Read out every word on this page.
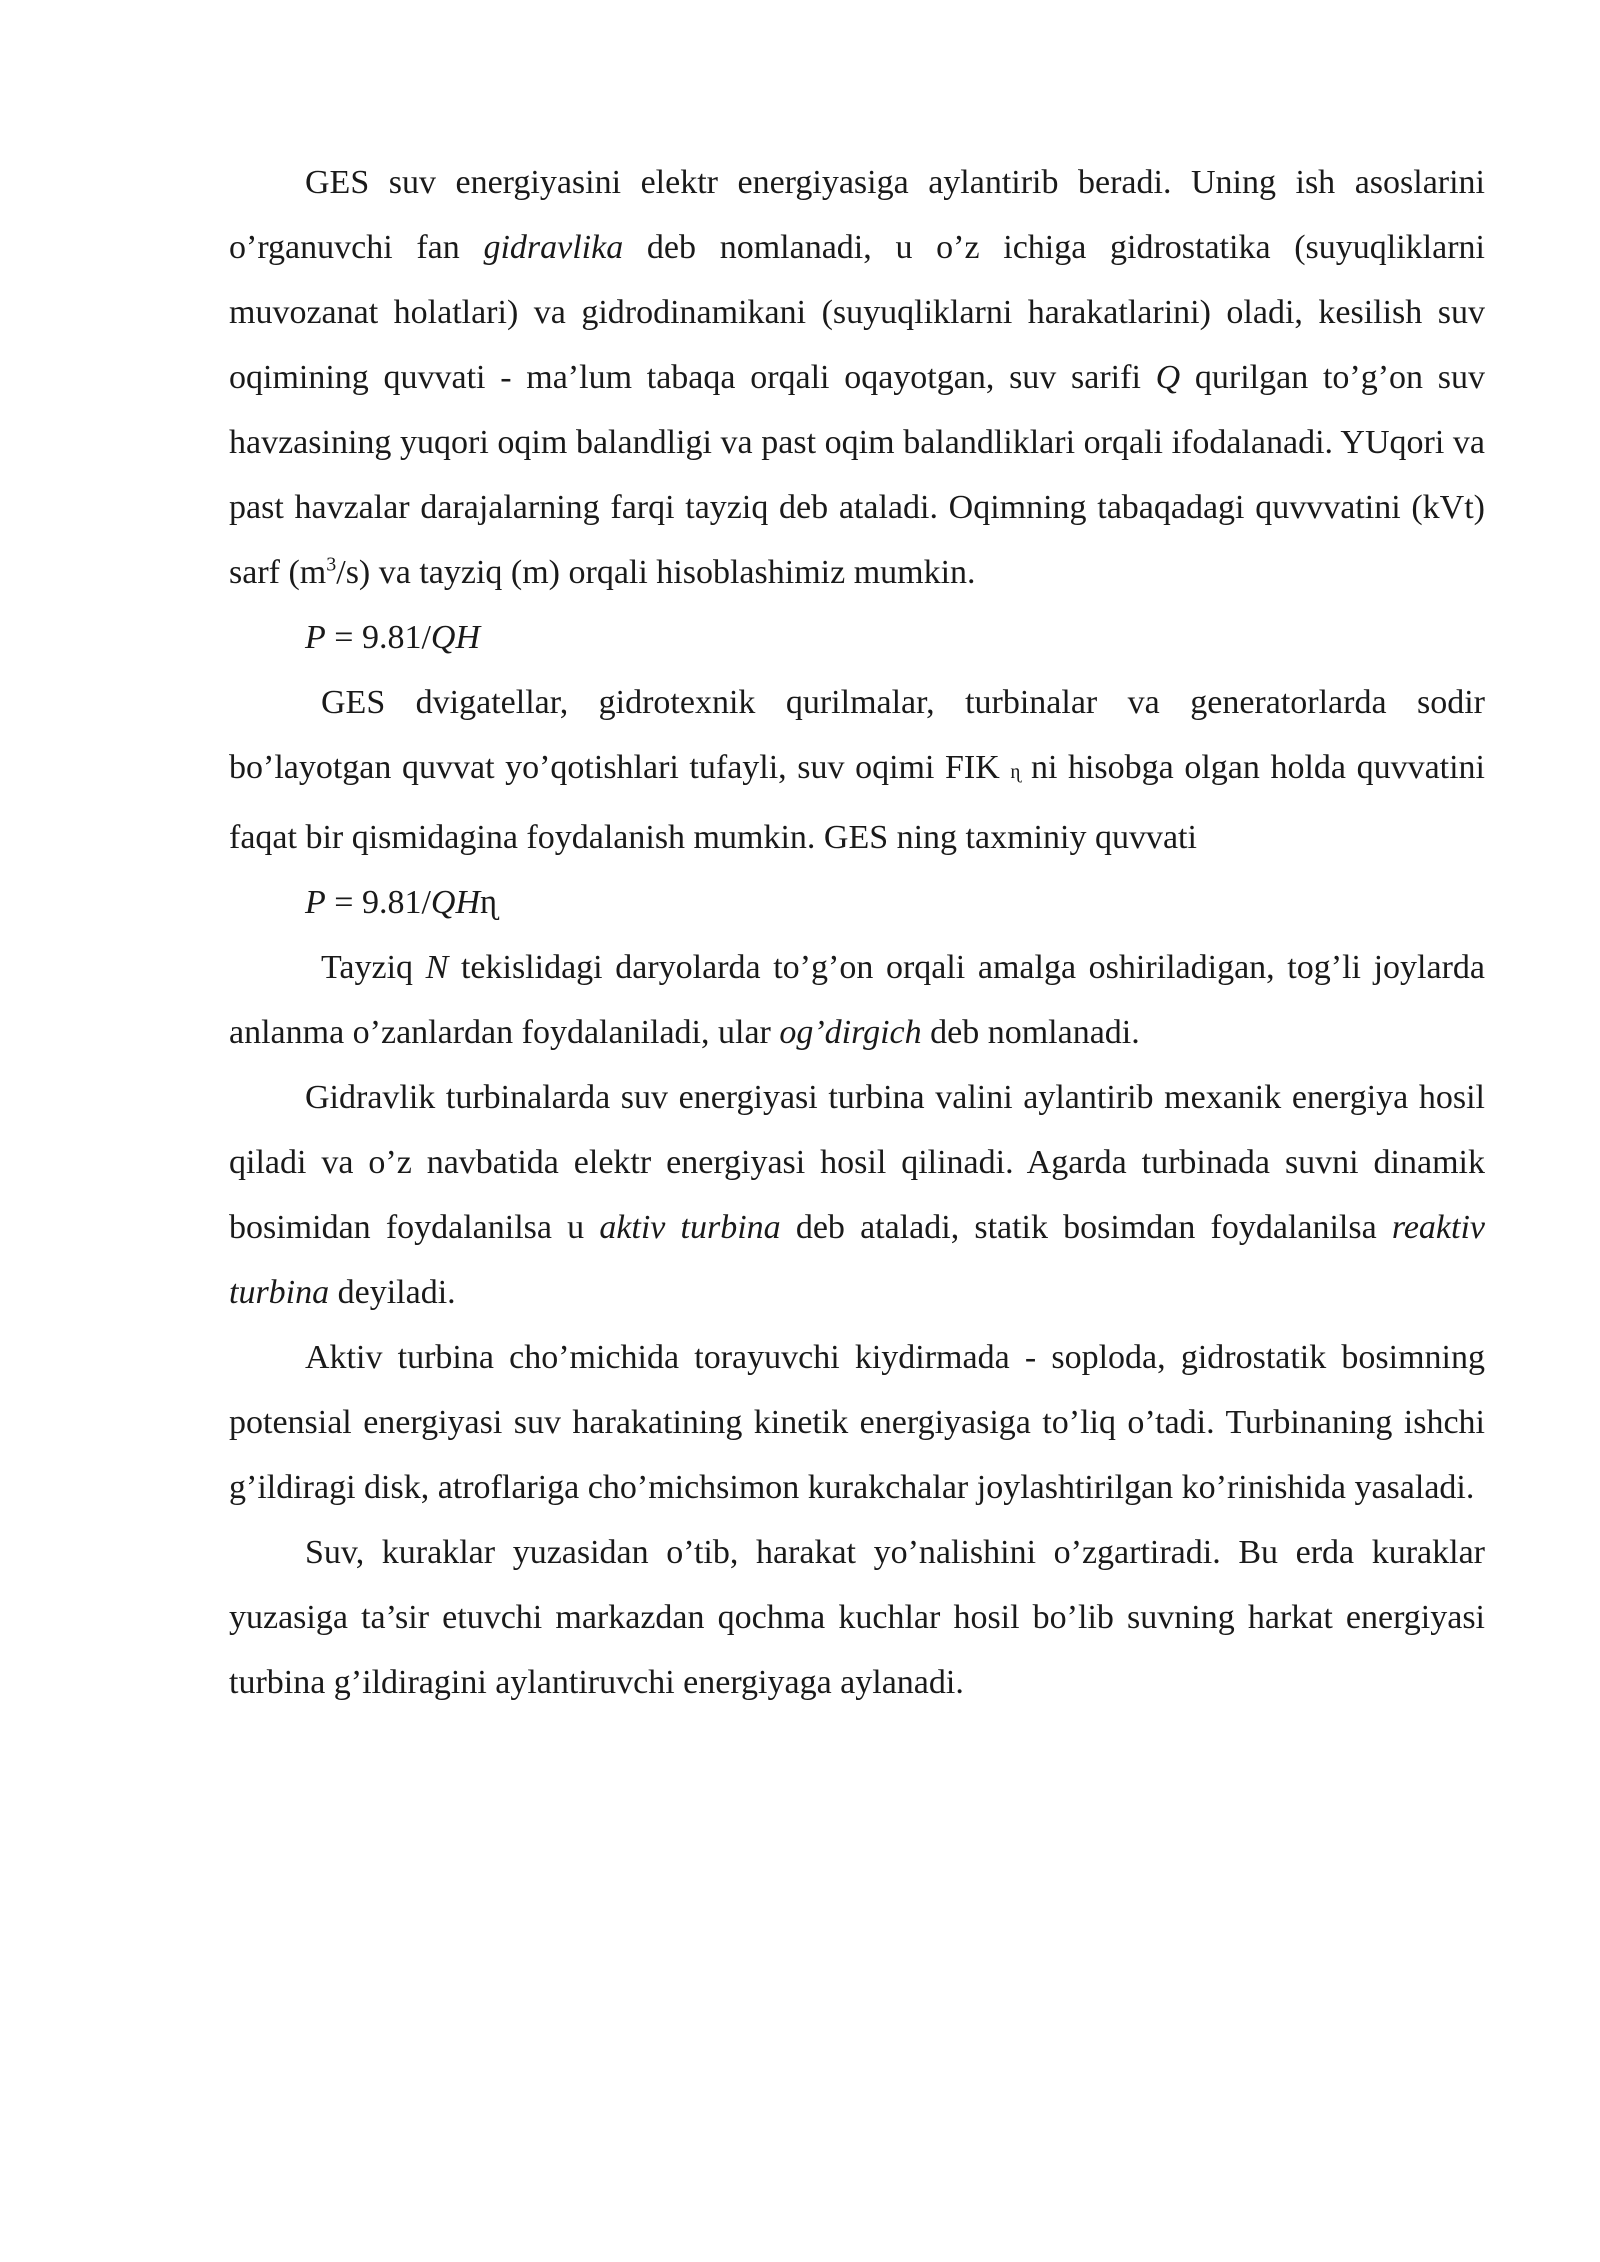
GES suv energiyasini elektr energiyasiga aylantirib beradi. Uning ish asoslarini o’rganuvchi fan gidravlika deb nomlanadi, u o’z ichiga gidrostatika (suyuqliklarni muvozanat holatlari) va gidrodinamikani (suyuqliklarni harakatlarini) oladi, kesilish suv oqimining quvvati - ma’lum tabaqa orqali oqayotgan, suv sarifi Q qurilgan to’g’on suv havzasining yuqori oqim balandligi va past oqim balandliklari orqali ifodalanadi. YUqori va past havzalar darajalarning farqi tayziq deb ataladi. Oqimning tabaqadagi quvvvatini (kVt) sarf $(m^3/s)$ va tayziq (m) orqali hisoblashimiz mumkin.

P = 9.81/QH

GES dvigatellar, gidrotexnik qurilmalar, turbinalar va generatorlarda sodir bo’layotgan quvvat yo’qotishlari tufayli, suv oqimi FIK ɳ ni hisobga olgan holda quvvatini faqat bir qismidagina foydalanish mumkin. GES ning taxminiy quvvati

P = 9.81/QHɳ

Tayziq N tekislidagi daryolarda to’g’on orqali amalga oshiriladigan, tog’li joylarda anlanma o’zanlardan foydalaniladi, ular og’dirgich deb nomlanadi.

Gidravlik turbinalarda suv energiyasi turbina valini aylantirib mexanik energiya hosil qiladi va o’z navbatida elektr energiyasi hosil qilinadi. Agarda turbinada suvni dinamik bosimidan foydalanilsa u aktiv turbina deb ataladi, statik bosimdan foydalanilsa reaktiv turbina deyiladi.

Aktiv turbina cho’michida torayuvchi kiydirmada - soploda, gidrostatik bosimning potensial energiyasi suv harakatining kinetik energiyasiga to’liq o’tadi. Turbinaning ishchi g’ildiragi disk, atroflariga cho’michsimon kurakchalar joylashtirilgan ko’rinishida yasaladi.

Suv, kuraklar yuzasidan o’tib, harakat yo’nalishini o’zgartiradi. Bu erda kuraklar yuzasiga ta’sir etuvchi markazdan qochma kuchlar hosil bo’lib suvning harkat energiyasi turbina g’ildiragini aylantiruvchi energiyaga aylanadi.
